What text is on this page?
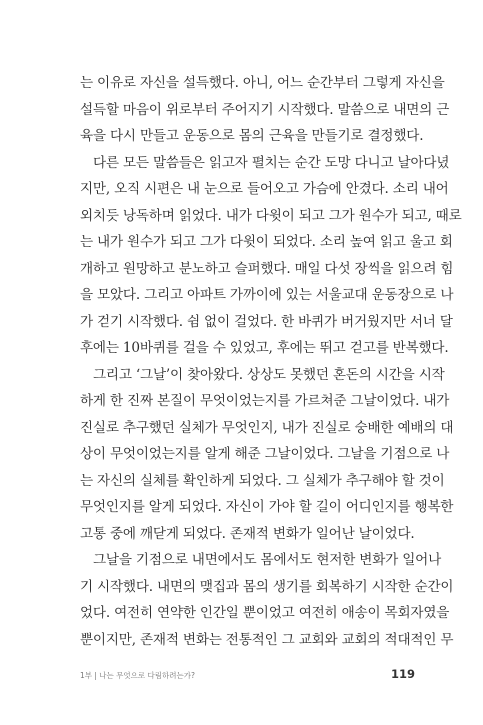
는 이유로 자신을 설득했다. 아니, 어느 순간부터 그렇게 자신을
설득할 마음이 위로부터 주어지기 시작했다. 말씀으로 내면의 근
육을 다시 만들고 운동으로 몸의 근육을 만들기로 결정했다.
다른 모든 말씀들은 읽고자 펼치는 순간 도망 다니고 날아다녔
지만, 오직 시편은 내 눈으로 들어오고 가슴에 안겼다. 소리 내어
외치듯 낭독하며 읽었다. 내가 다윗이 되고 그가 원수가 되고, 때로
는 내가 원수가 되고 그가 다윗이 되었다. 소리 높여 읽고 울고 회
개하고 원망하고 분노하고 슬퍼했다. 매일 다섯 장씩을 읽으려 힘
을 모았다. 그리고 아파트 가까이에 있는 서울교대 운동장으로 나
가 걷기 시작했다. 쉼 없이 걸었다. 한 바퀴가 버거웠지만 서너 달
후에는 10바퀴를 걸을 수 있었고, 후에는 뛰고 걷고를 반복했다.
그리고 ‘그날’이 찾아왔다. 상상도 못했던 혼돈의 시간을 시작
하게 한 진짜 본질이 무엇이었는지를 가르쳐준 그날이었다. 내가
진실로 추구했던 실체가 무엇인지, 내가 진실로 숭배한 예배의 대
상이 무엇이었는지를 알게 해준 그날이었다. 그날을 기점으로 나
는 자신의 실체를 확인하게 되었다. 그 실체가 추구해야 할 것이
무엇인지를 알게 되었다. 자신이 가야 할 길이 어디인지를 행복한
고통 중에 깨닫게 되었다. 존재적 변화가 일어난 날이었다.
그날을 기점으로 내면에서도 몸에서도 현저한 변화가 일어나
기 시작했다. 내면의 맺집과 몸의 생기를 회복하기 시작한 순간이
었다. 여전히 연약한 인간일 뿐이었고 여전히 애송이 목회자였을
뿐이지만, 존재적 변화는 전통적인 그 교회와 교회의 적대적인 무
1부 | 나는 무엇으로 다림하려는가?	119
